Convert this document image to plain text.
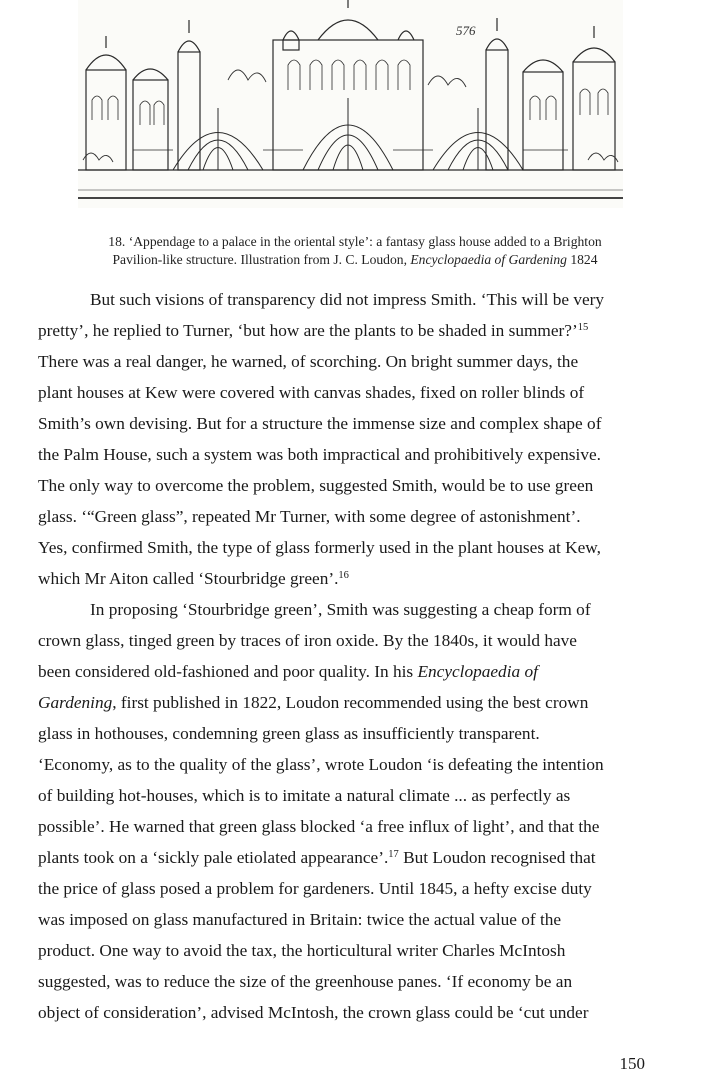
576
18. ‘Appendage to a palace in the oriental style’: a fantasy glass house added to a Brighton
Pavilion-like structure. Illustration from J. C. Loudon, Encyclopaedia of Gardening 1824
But such visions of transparency did not impress Smith. ‘This will be very
pretty’, he replied to Turner, ‘but how are the plants to be shaded in summer?’$^{15}$
There was a real danger, he warned, of scorching. On bright summer days, the
plant houses at Kew were covered with canvas shades, fixed on roller blinds of
Smith’s own devising. But for a structure the immense size and complex shape of
the Palm House, such a system was both impractical and prohibitively expensive.
The only way to overcome the problem, suggested Smith, would be to use green
glass. ‘“Green glass”, repeated Mr Turner, with some degree of astonishment’.
Yes, confirmed Smith, the type of glass formerly used in the plant houses at Kew,
which Mr Aiton called ‘Stourbridge green’.$^{16}$
In proposing ‘Stourbridge green’, Smith was suggesting a cheap form of
crown glass, tinged green by traces of iron oxide. By the 1840s, it would have
been considered old-fashioned and poor quality. In his Encyclopaedia of
Gardening, first published in 1822, Loudon recommended using the best crown
glass in hothouses, condemning green glass as insufficiently transparent.
‘Economy, as to the quality of the glass’, wrote Loudon ‘is defeating the intention
of building hot-houses, which is to imitate a natural climate ... as perfectly as
possible’. He warned that green glass blocked ‘a free influx of light’, and that the
plants took on a ‘sickly pale etiolated appearance’.$^{17}$ But Loudon recognised that
the price of glass posed a problem for gardeners. Until 1845, a hefty excise duty
was imposed on glass manufactured in Britain: twice the actual value of the
product. One way to avoid the tax, the horticultural writer Charles McIntosh
suggested, was to reduce the size of the greenhouse panes. ‘If economy be an
object of consideration’, advised McIntosh, the crown glass could be ‘cut under
150
